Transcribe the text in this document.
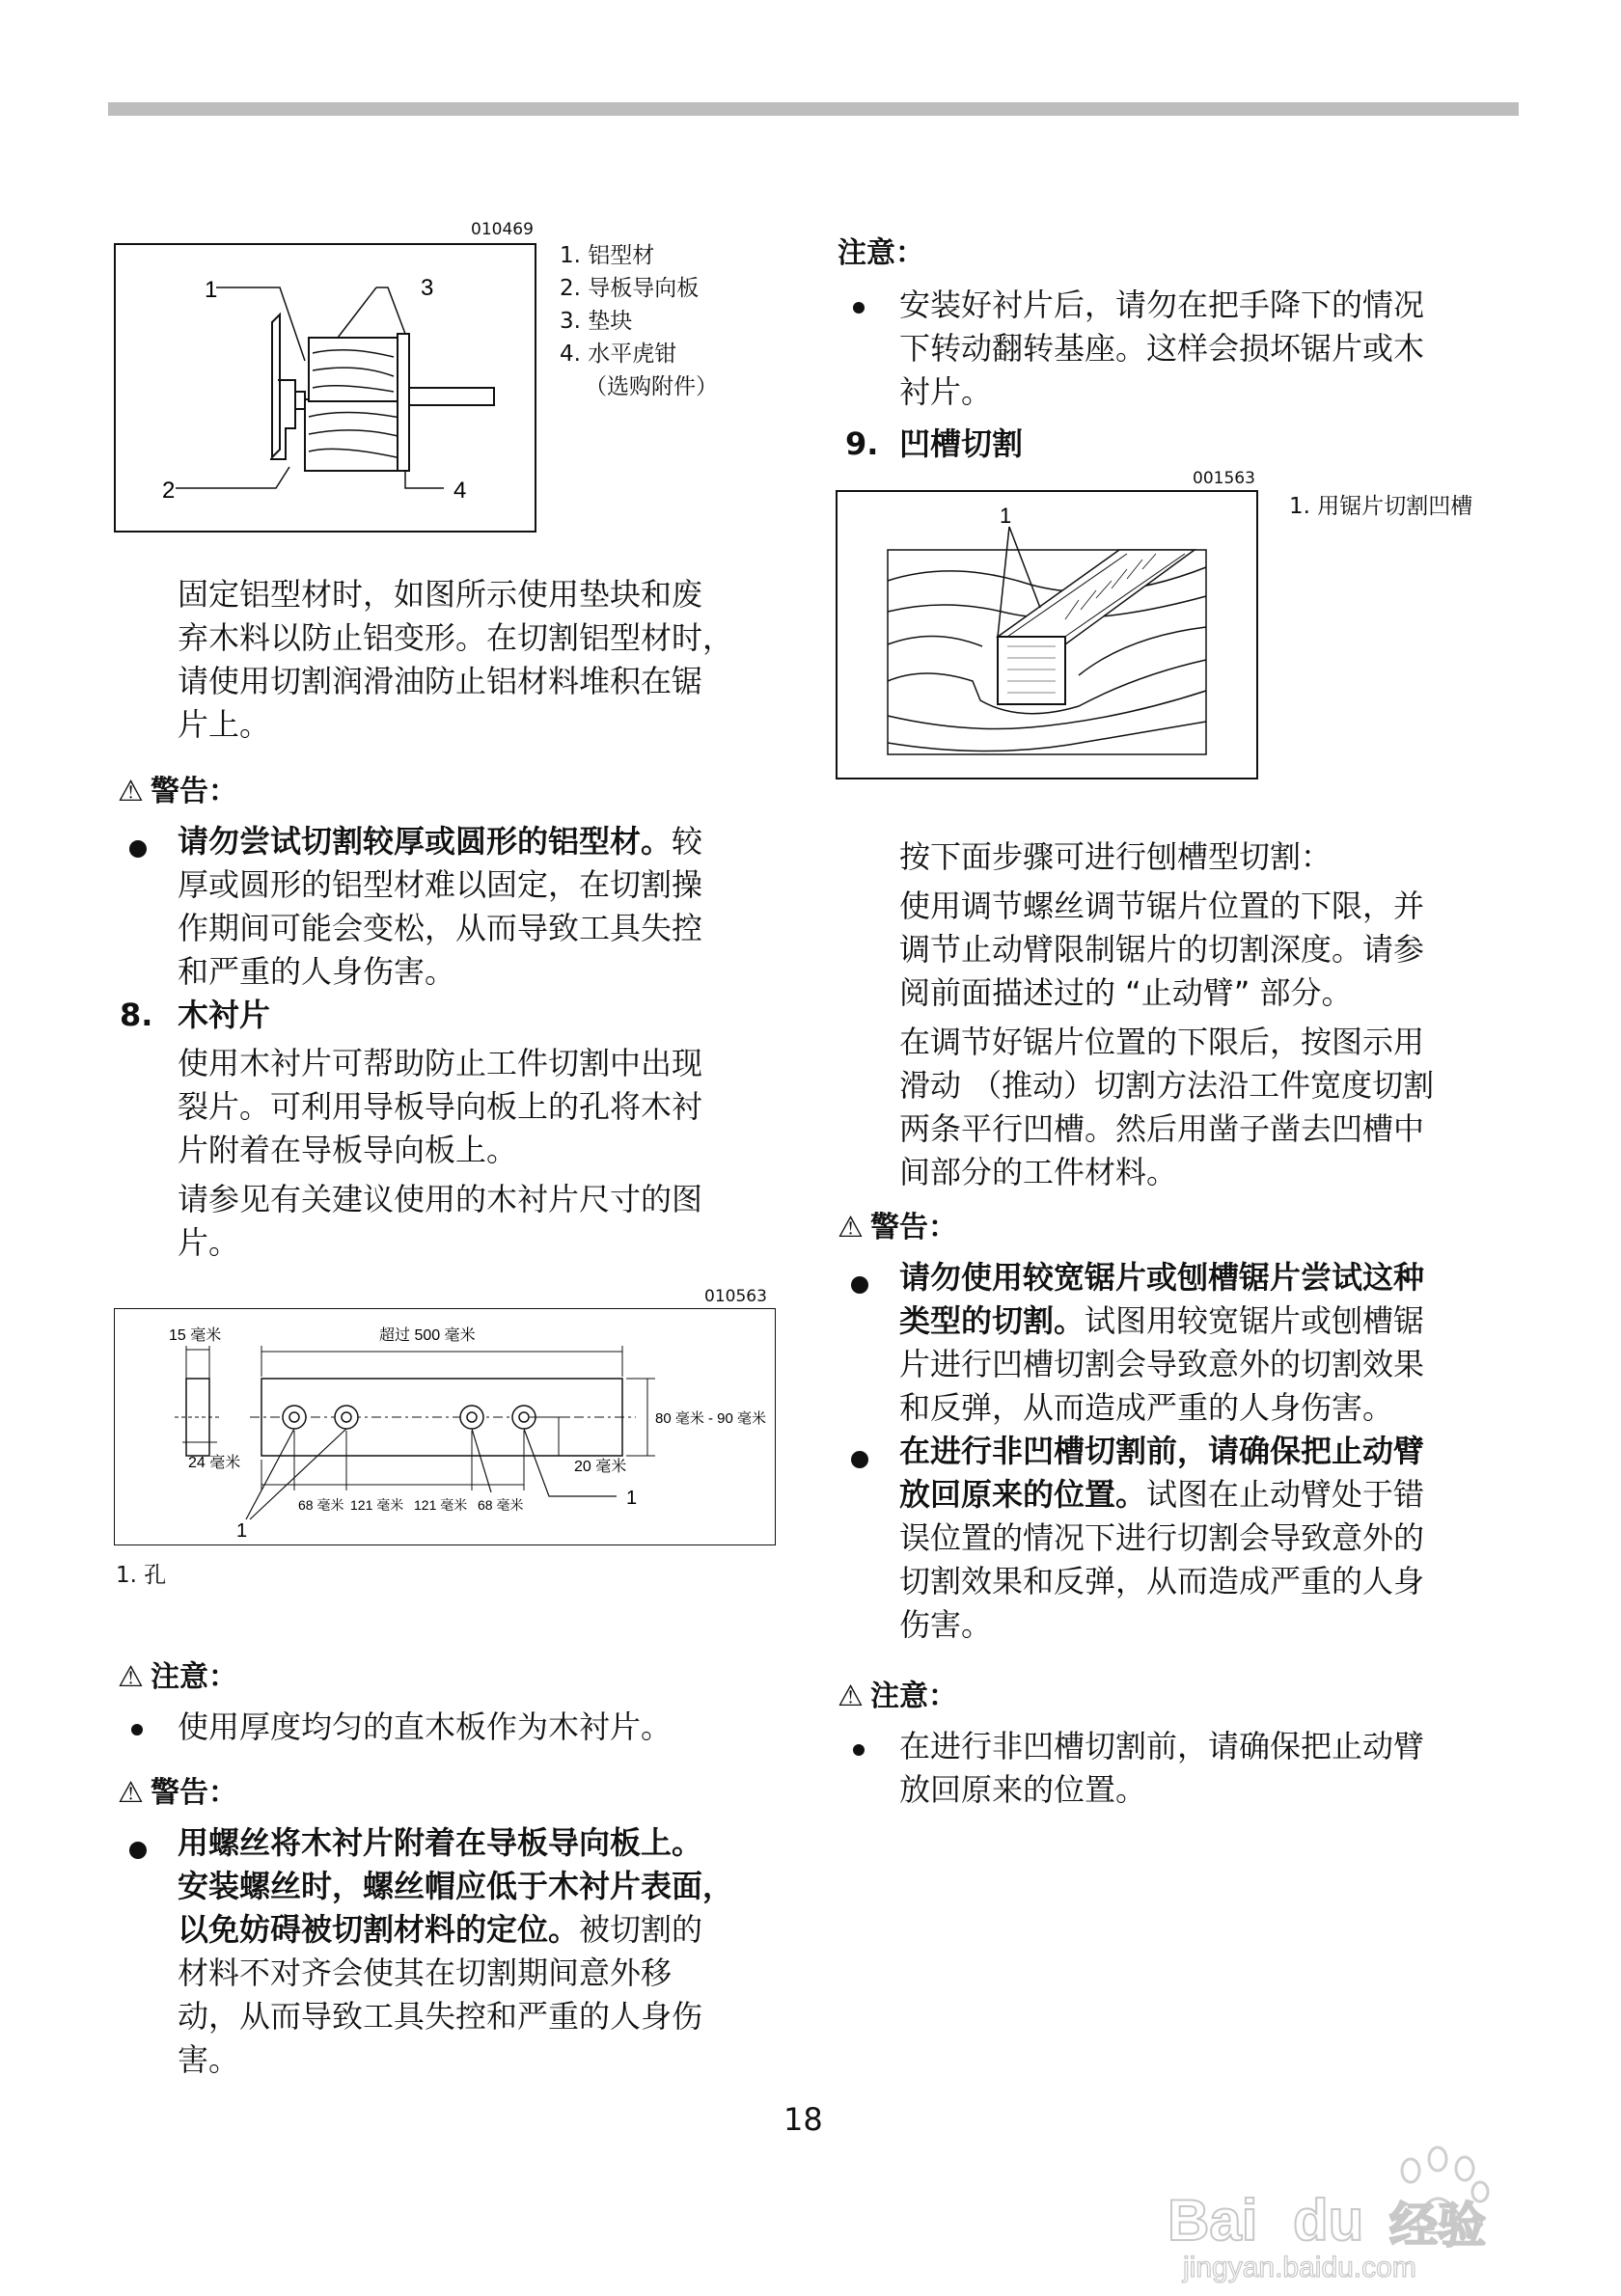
010469
1
2
3
4
1. 铝型材
2. 导板导向板
3. 垫块
4. 水平虎钳
（选购附件）
固定铝型材时，如图所示使用垫块和废
弃木料以防止铝变形。在切割铝型材时，
请使用切割润滑油防止铝材料堆积在锯
片上。
⚠ 警告：
请勿尝试切割较厚或圆形的铝型材。较
厚或圆形的铝型材难以固定，在切割操
作期间可能会变松，从而导致工具失控
和严重的人身伤害。
8. 木衬片
使用木衬片可帮助防止工件切割中出现
裂片。可利用导板导向板上的孔将木衬
片附着在导板导向板上。
请参见有关建议使用的木衬片尺寸的图
片。
010563
15 毫米
24 毫米
超过 500 毫米
80 毫米 - 90 毫米
20 毫米
68 毫米 121 毫米 121 毫米 68 毫米
1
1
1. 孔
⚠ 注意：
使用厚度均匀的直木板作为木衬片。
⚠ 警告：
用螺丝将木衬片附着在导板导向板上。
安装螺丝时，螺丝帽应低于木衬片表面，
以免妨碍被切割材料的定位。被切割的
材料不对齐会使其在切割期间意外移
动，从而导致工具失控和严重的人身伤
害。
注意：
安装好衬片后，请勿在把手降下的情况
下转动翻转基座。这样会损坏锯片或木
衬片。
9. 凹槽切割
001563
1	1. 用锯片切割凹槽
按下面步骤可进行刨槽型切割：
使用调节螺丝调节锯片位置的下限，并
调节止动臂限制锯片的切割深度。请参
阅前面描述过的 “止动臂” 部分。
在调节好锯片位置的下限后，按图示用
滑动 （推动）切割方法沿工件宽度切割
两条平行凹槽。然后用凿子凿去凹槽中
间部分的工件材料。
⚠ 警告：
请勿使用较宽锯片或刨槽锯片尝试这种
类型的切割。试图用较宽锯片或刨槽锯
片进行凹槽切割会导致意外的切割效果
和反弹，从而造成严重的人身伤害。
在进行非凹槽切割前，请确保把止动臂
放回原来的位置。试图在止动臂处于错
误位置的情况下进行切割会导致意外的
切割效果和反弹，从而造成严重的人身
伤害。
⚠ 注意：
在进行非凹槽切割前，请确保把止动臂
放回原来的位置。
18
Bai du 经验
jingyan.baidu.com
